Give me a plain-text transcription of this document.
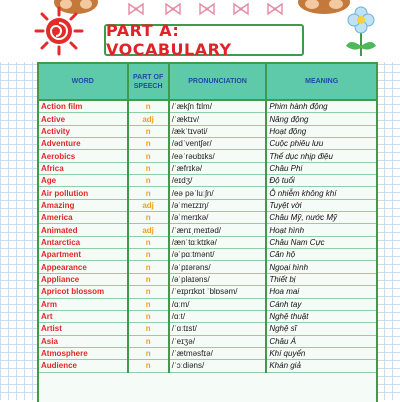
PART A: VOCABULARY
WORD	PART OF SPEECH	PRONUNCIATION	MEANING
Action film	n	/ˈækʃn fɪlm/	Phim hành động
Active	adj	/ˈæktɪv/	Năng động
Activity	n	/ækˈtɪvəti/	Hoạt động
Adventure	n	/ədˈventʃər/	Cuộc phiêu lưu
Aerobics	n	/eəˈrəʊbɪks/	Thể dục nhịp điệu
Africa	n	/ˈæfrɪkə/	Châu Phi
Age	n	/eɪdʒ/	Độ tuổi
Air pollution	n	/eə pəˈluːʃn/	Ô nhiễm không khí
Amazing	adj	/əˈmeɪzɪŋ/	Tuyệt vời
America	n	/əˈmerɪkə/	Châu Mỹ, nước Mỹ
Animated	adj	/ˈænɪˌmeɪtəd/	Hoạt hình
Antarctica	n	/ænˈtɑːktɪkə/	Châu Nam Cực
Apartment	n	/əˈpɑːtmənt/	Căn hộ
Appearance	n	/əˈpɪərəns/	Ngoại hình
Appliance	n	/əˈplaɪəns/	Thiết bị
Apricot blossom	n	/ˈeɪprɪkɒt ˈblɒsəm/	Hoa mai
Arm	n	/ɑːm/	Cánh tay
Art	n	/ɑːt/	Nghệ thuật
Artist	n	/ˈɑːtɪst/	Nghệ sĩ
Asia	n	/ˈeɪʒə/	Châu Á
Atmosphere	n	/ˈætməsfɪə/	Khí quyển
Audience	n	/ˈɔːdiəns/	Khán giả
